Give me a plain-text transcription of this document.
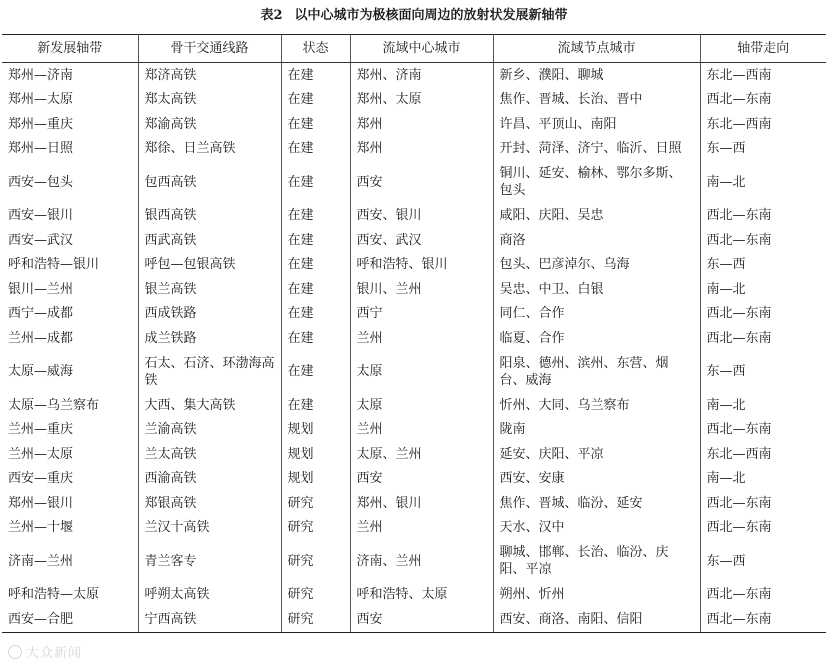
表2 以中心城市为极核面向周边的放射状发展新轴带
新发展轴带	骨干交通线路	状态	流域中心城市	流域节点城市	轴带走向
郑州—济南	郑济高铁	在建	郑州、济南	新乡、濮阳、聊城	东北—西南
郑州—太原	郑太高铁	在建	郑州、太原	焦作、晋城、长治、晋中	西北—东南
郑州—重庆	郑渝高铁	在建	郑州	许昌、平顶山、南阳	东北—西南
郑州—日照	郑徐、日兰高铁	在建	郑州	开封、菏泽、济宁、临沂、日照	东—西
西安—包头	包西高铁	在建	西安	铜川、延安、榆林、鄂尔多斯、包头	南—北
西安—银川	银西高铁	在建	西安、银川	咸阳、庆阳、吴忠	西北—东南
西安—武汉	西武高铁	在建	西安、武汉	商洛	西北—东南
呼和浩特—银川	呼包—包银高铁	在建	呼和浩特、银川	包头、巴彦淖尔、乌海	东—西
银川—兰州	银兰高铁	在建	银川、兰州	吴忠、中卫、白银	南—北
西宁—成都	西成铁路	在建	西宁	同仁、合作	西北—东南
兰州—成都	成兰铁路	在建	兰州	临夏、合作	西北—东南
太原—威海	石太、石济、环渤海高铁	在建	太原	阳泉、德州、滨州、东营、烟台、威海	东—西
太原—乌兰察布	大西、集大高铁	在建	太原	忻州、大同、乌兰察布	南—北
兰州—重庆	兰渝高铁	规划	兰州	陇南	西北—东南
兰州—太原	兰太高铁	规划	太原、兰州	延安、庆阳、平凉	东北—西南
西安—重庆	西渝高铁	规划	西安	西安、安康	南—北
郑州—银川	郑银高铁	研究	郑州、银川	焦作、晋城、临汾、延安	西北—东南
兰州—十堰	兰汉十高铁	研究	兰州	天水、汉中	西北—东南
济南—兰州	青兰客专	研究	济南、兰州	聊城、邯郸、长治、临汾、庆阳、平凉	东—西
呼和浩特—太原	呼朔太高铁	研究	呼和浩特、太原	朔州、忻州	西北—东南
西安—合肥	宁西高铁	研究	西安	西安、商洛、南阳、信阳	西北—东南
大众新闻
